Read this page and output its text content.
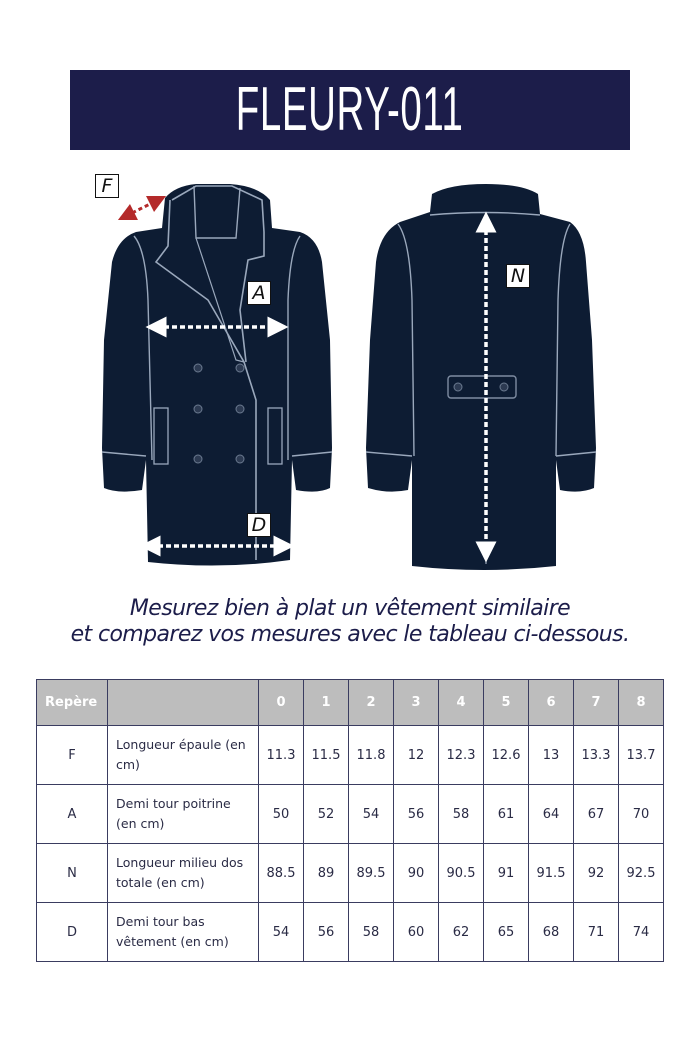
FLEURY-011
F
A
D
N
Mesurez bien à plat un vêtement similaire
et comparez vos mesures avec le tableau ci-dessous.
Repère		0	1	2	3	4	5	6	7	8
F	Longueur épaule (en cm)	11.3	11.5	11.8	12	12.3	12.6	13	13.3	13.7
A	Demi tour poitrine (en cm)	50	52	54	56	58	61	64	67	70
N	Longueur milieu dos totale (en cm)	88.5	89	89.5	90	90.5	91	91.5	92	92.5
D	Demi tour bas vêtement (en cm)	54	56	58	60	62	65	68	71	74
